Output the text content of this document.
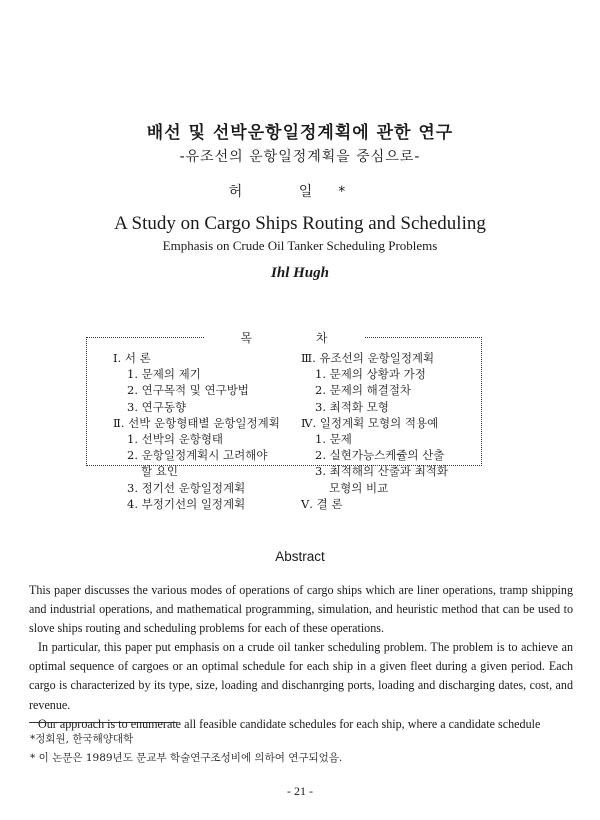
배선 및 선박운항일정계획에 관한 연구
-유조선의 운항일정계획을 중심으로-
허 일*
A Study on Cargo Ships Routing and Scheduling
Emphasis on Crude Oil Tanker Scheduling Problems
Ihl Hugh
목 차
Ⅰ. 서 론
1. 문제의 제기
2. 연구목적 및 연구방법
3. 연구동향
Ⅱ. 선박 운항형태별 운항일정계획
1. 선박의 운항형태
2. 운항일정계획시 고려해야
할 요인
3. 정기선 운항일정계획
4. 부정기선의 일정계획
Ⅲ. 유조선의 운항일정계획
1. 문제의 상황과 가정
2. 문제의 해결절차
3. 최적화 모형
Ⅳ. 일정계획 모형의 적용예
1. 문제
2. 실현가능스케쥴의 산출
3. 최적해의 산출과 최적화
모형의 비교
Ⅴ. 결 론
Abstract

This paper discusses the various modes of operations of cargo ships which are liner operations, tramp shipping and industrial operations, and mathematical programming, simulation, and heuristic method that can be used to slove ships routing and scheduling problems for each of these operations.

In particular, this paper put emphasis on a crude oil tanker scheduling problem. The problem is to achieve an optimal sequence of cargoes or an optimal schedule for each ship in a given fleet during a given period. Each cargo is characterized by its type, size, loading and dischanrging ports, loading and discharging dates, cost, and revenue.

Our approach is to enumerate all feasible candidate schedules for each ship, where a candidate schedule

*정회원, 한국해양대학
* 이 논문은 1989년도 문교부 학술연구조성비에 의하여 연구되었음.
- 21 -
